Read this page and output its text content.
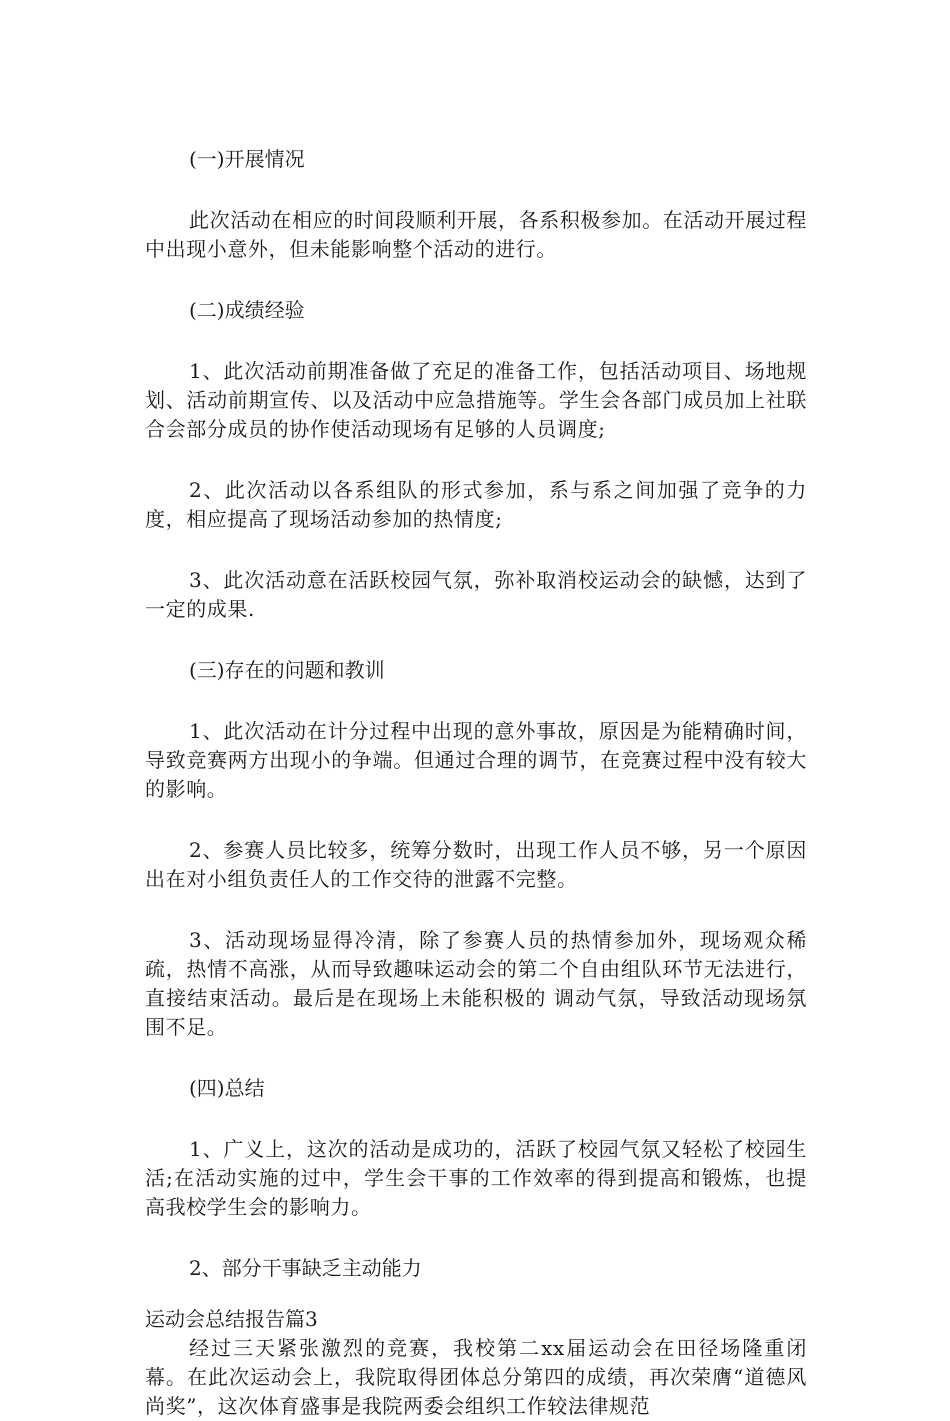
(一)开展情况

此次活动在相应的时间段顺利开展，各系积极参加。在活动开展过程中出现小意外，但未能影响整个活动的进行。

(二)成绩经验

1、此次活动前期准备做了充足的准备工作，包括活动项目、场地规划、活动前期宣传、以及活动中应急措施等。学生会各部门成员加上社联合会部分成员的协作使活动现场有足够的人员调度;

2、此次活动以各系组队的形式参加，系与系之间加强了竞争的力度，相应提高了现场活动参加的热情度;

3、此次活动意在活跃校园气氛，弥补取消校运动会的缺憾，达到了一定的成果.

(三)存在的问题和教训

1、此次活动在计分过程中出现的意外事故，原因是为能精确时间，导致竞赛两方出现小的争端。但通过合理的调节，在竞赛过程中没有较大的影响。

2、参赛人员比较多，统筹分数时，出现工作人员不够，另一个原因出在对小组负责任人的工作交待的泄露不完整。

3、活动现场显得冷清，除了参赛人员的热情参加外，现场观众稀疏，热情不高涨，从而导致趣味运动会的第二个自由组队环节无法进行，直接结束活动。最后是在现场上未能积极的 调动气氛，导致活动现场氛围不足。

(四)总结

1、广义上，这次的活动是成功的，活跃了校园气氛又轻松了校园生活;在活动实施的过中，学生会干事的工作效率的得到提高和锻炼，也提高我校学生会的影响力。

2、部分干事缺乏主动能力

运动会总结报告篇3

经过三天紧张激烈的竞赛，我校第二xx届运动会在田径场隆重闭幕。在此次运动会上，我院取得团体总分第四的成绩，再次荣膺“道德风尚奖”，这次体育盛事是我院两委会组织工作较法律规范
